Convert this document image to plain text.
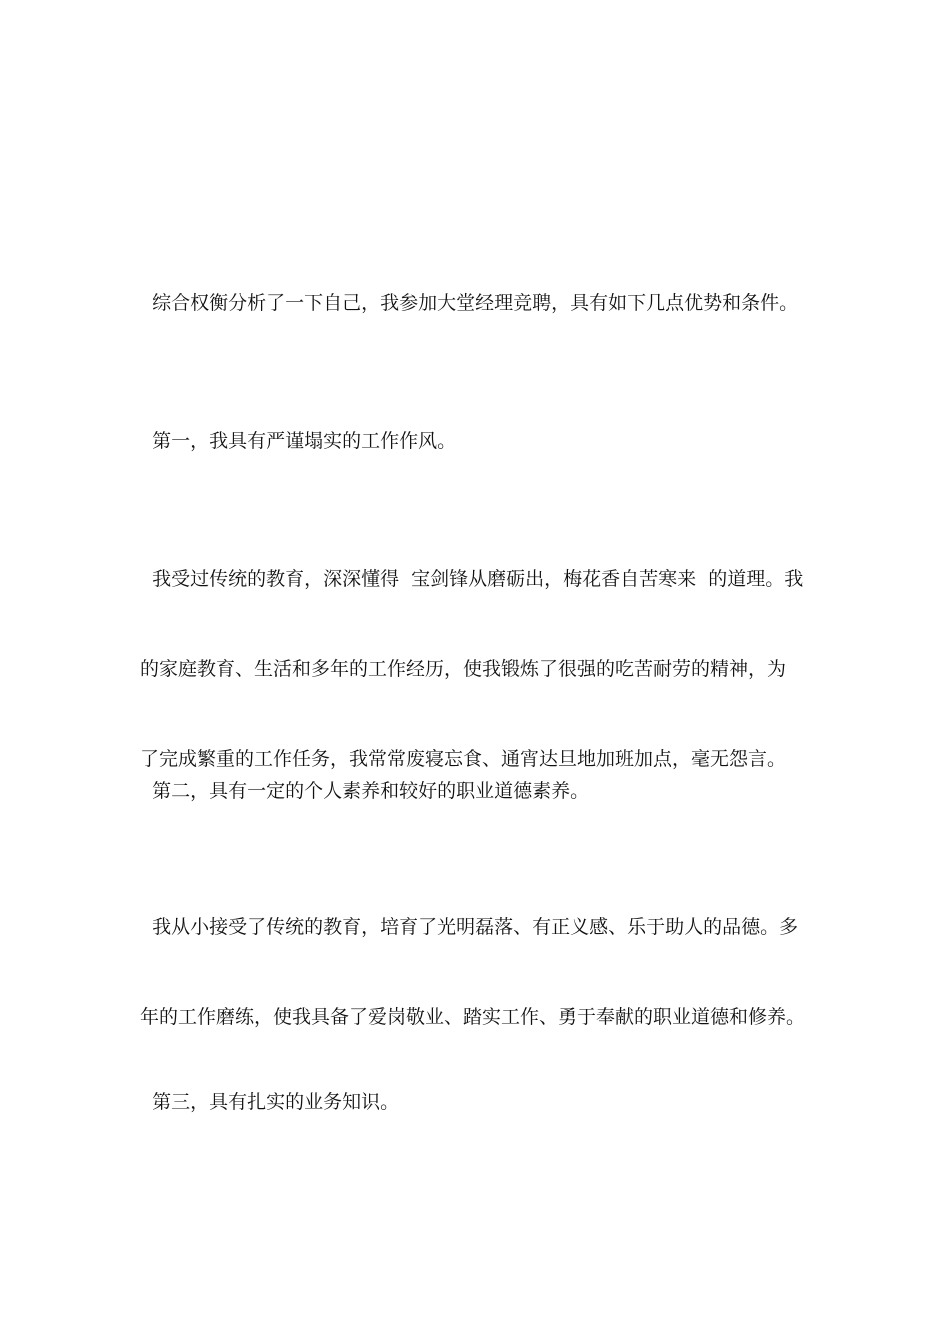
综合权衡分析了一下自己，我参加大堂经理竞聘，具有如下几点优势和条件。

第一，我具有严谨塌实的工作作风。

我受过传统的教育，深深懂得  宝剑锋从磨砺出，梅花香自苦寒来  的道理。我

的家庭教育、生活和多年的工作经历，使我锻炼了很强的吃苦耐劳的精神，为

了完成繁重的工作任务，我常常废寝忘食、通宵达旦地加班加点，毫无怨言。

第二，具有一定的个人素养和较好的职业道德素养。

我从小接受了传统的教育，培育了光明磊落、有正义感、乐于助人的品德。多

年的工作磨练，使我具备了爱岗敬业、踏实工作、勇于奉献的职业道德和修养。

第三，具有扎实的业务知识。
